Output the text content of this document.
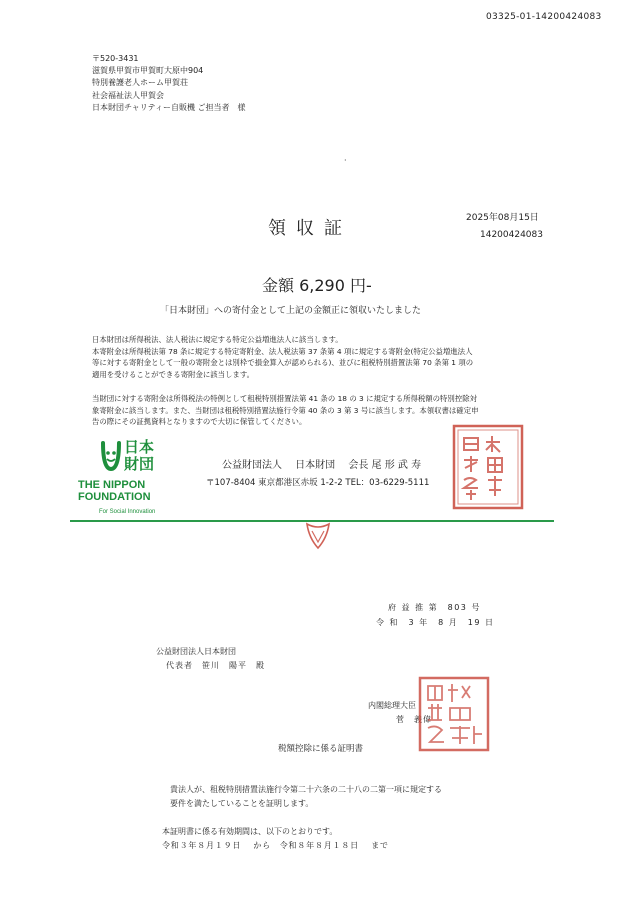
03325-01-14200424083
〒520-3431
滋賀県甲賀市甲賀町大原中904
特別養護老人ホーム甲賀荘
社会福祉法人甲賀会
日本財団チャリティー自販機 ご担当者　様
·
領収証	2025年08月15日
14200424083
金額 6,290 円-
「日本財団」への寄付金として上記の金額正に領収いたしました
日本財団は所得税法、法人税法に規定する特定公益増進法人に該当します。
本寄附金は所得税法第 78 条に規定する特定寄附金、法人税法第 37 条第 4 項に規定する寄附金(特定公益増進法人
等に対する寄附金として一般の寄附金とは別枠で損金算入が認められる)、並びに租税特別措置法第 70 条第 1 項の
適用を受けることができる寄附金に該当します。
当財団に対する寄附金は所得税法の特例として租税特別措置法第 41 条の 18 の 3 に規定する所得税額の特別控除対
象寄附金に該当します。また、当財団は租税特別措置法施行令第 40 条の 3 第 3 号に該当します。本領収書は確定申
告の際にその証拠資料となりますので大切に保管してください。
日本
財団
THE NIPPON
FOUNDATION
For Social Innovation
公益財団法人　 日本財団　 会長 尾 形 武 寿
〒107-8404 東京都港区赤坂 1-2-2 TEL：03-6229-5111
府 益 推 第　803 号
令 和　3 年　8 月　19 日
公益財団法人日本財団
代表者　笹川　陽平　殿
内閣総理大臣
菅　義偉
税額控除に係る証明書
貴法人が、租税特別措置法施行令第二十六条の二十八の二第一項に規定する
要件を満たしていることを証明します。
本証明書に係る有効期間は、以下のとおりです。
令和３年８月１９日　 から　令和８年８月１８日　 まで
